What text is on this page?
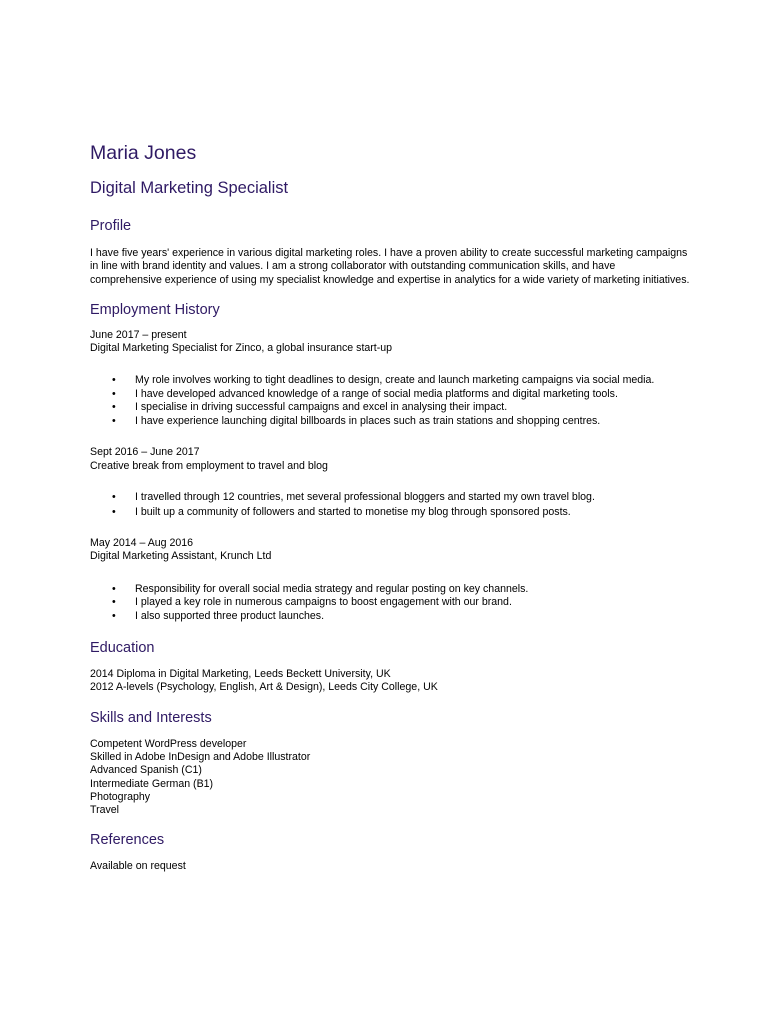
Maria Jones
Digital Marketing Specialist
Profile

I have five years' experience in various digital marketing roles. I have a proven ability to create successful marketing campaigns in line with brand identity and values. I am a strong collaborator with outstanding communication skills, and have comprehensive experience of using my specialist knowledge and expertise in analytics for a wide variety of marketing initiatives.

Employment History

June 2017 – present

Digital Marketing Specialist for Zinco, a global insurance start-up

• My role involves working to tight deadlines to design, create and launch marketing campaigns via social media.
• I have developed advanced knowledge of a range of social media platforms and digital marketing tools.
• I specialise in driving successful campaigns and excel in analysing their impact.
• I have experience launching digital billboards in places such as train stations and shopping centres.

Sept 2016 – June 2017

Creative break from employment to travel and blog

• I travelled through 12 countries, met several professional bloggers and started my own travel blog.
• I built up a community of followers and started to monetise my blog through sponsored posts.

May 2014 – Aug 2016

Digital Marketing Assistant, Krunch Ltd

• Responsibility for overall social media strategy and regular posting on key channels.
• I played a key role in numerous campaigns to boost engagement with our brand.
• I also supported three product launches.
Education

2014 Diploma in Digital Marketing, Leeds Beckett University, UK

2012 A-levels (Psychology, English, Art & Design), Leeds City College, UK

Skills and Interests

Competent WordPress developer

Skilled in Adobe InDesign and Adobe Illustrator

Advanced Spanish (C1)

Intermediate German (B1)

Photography

Travel

References

Available on request
